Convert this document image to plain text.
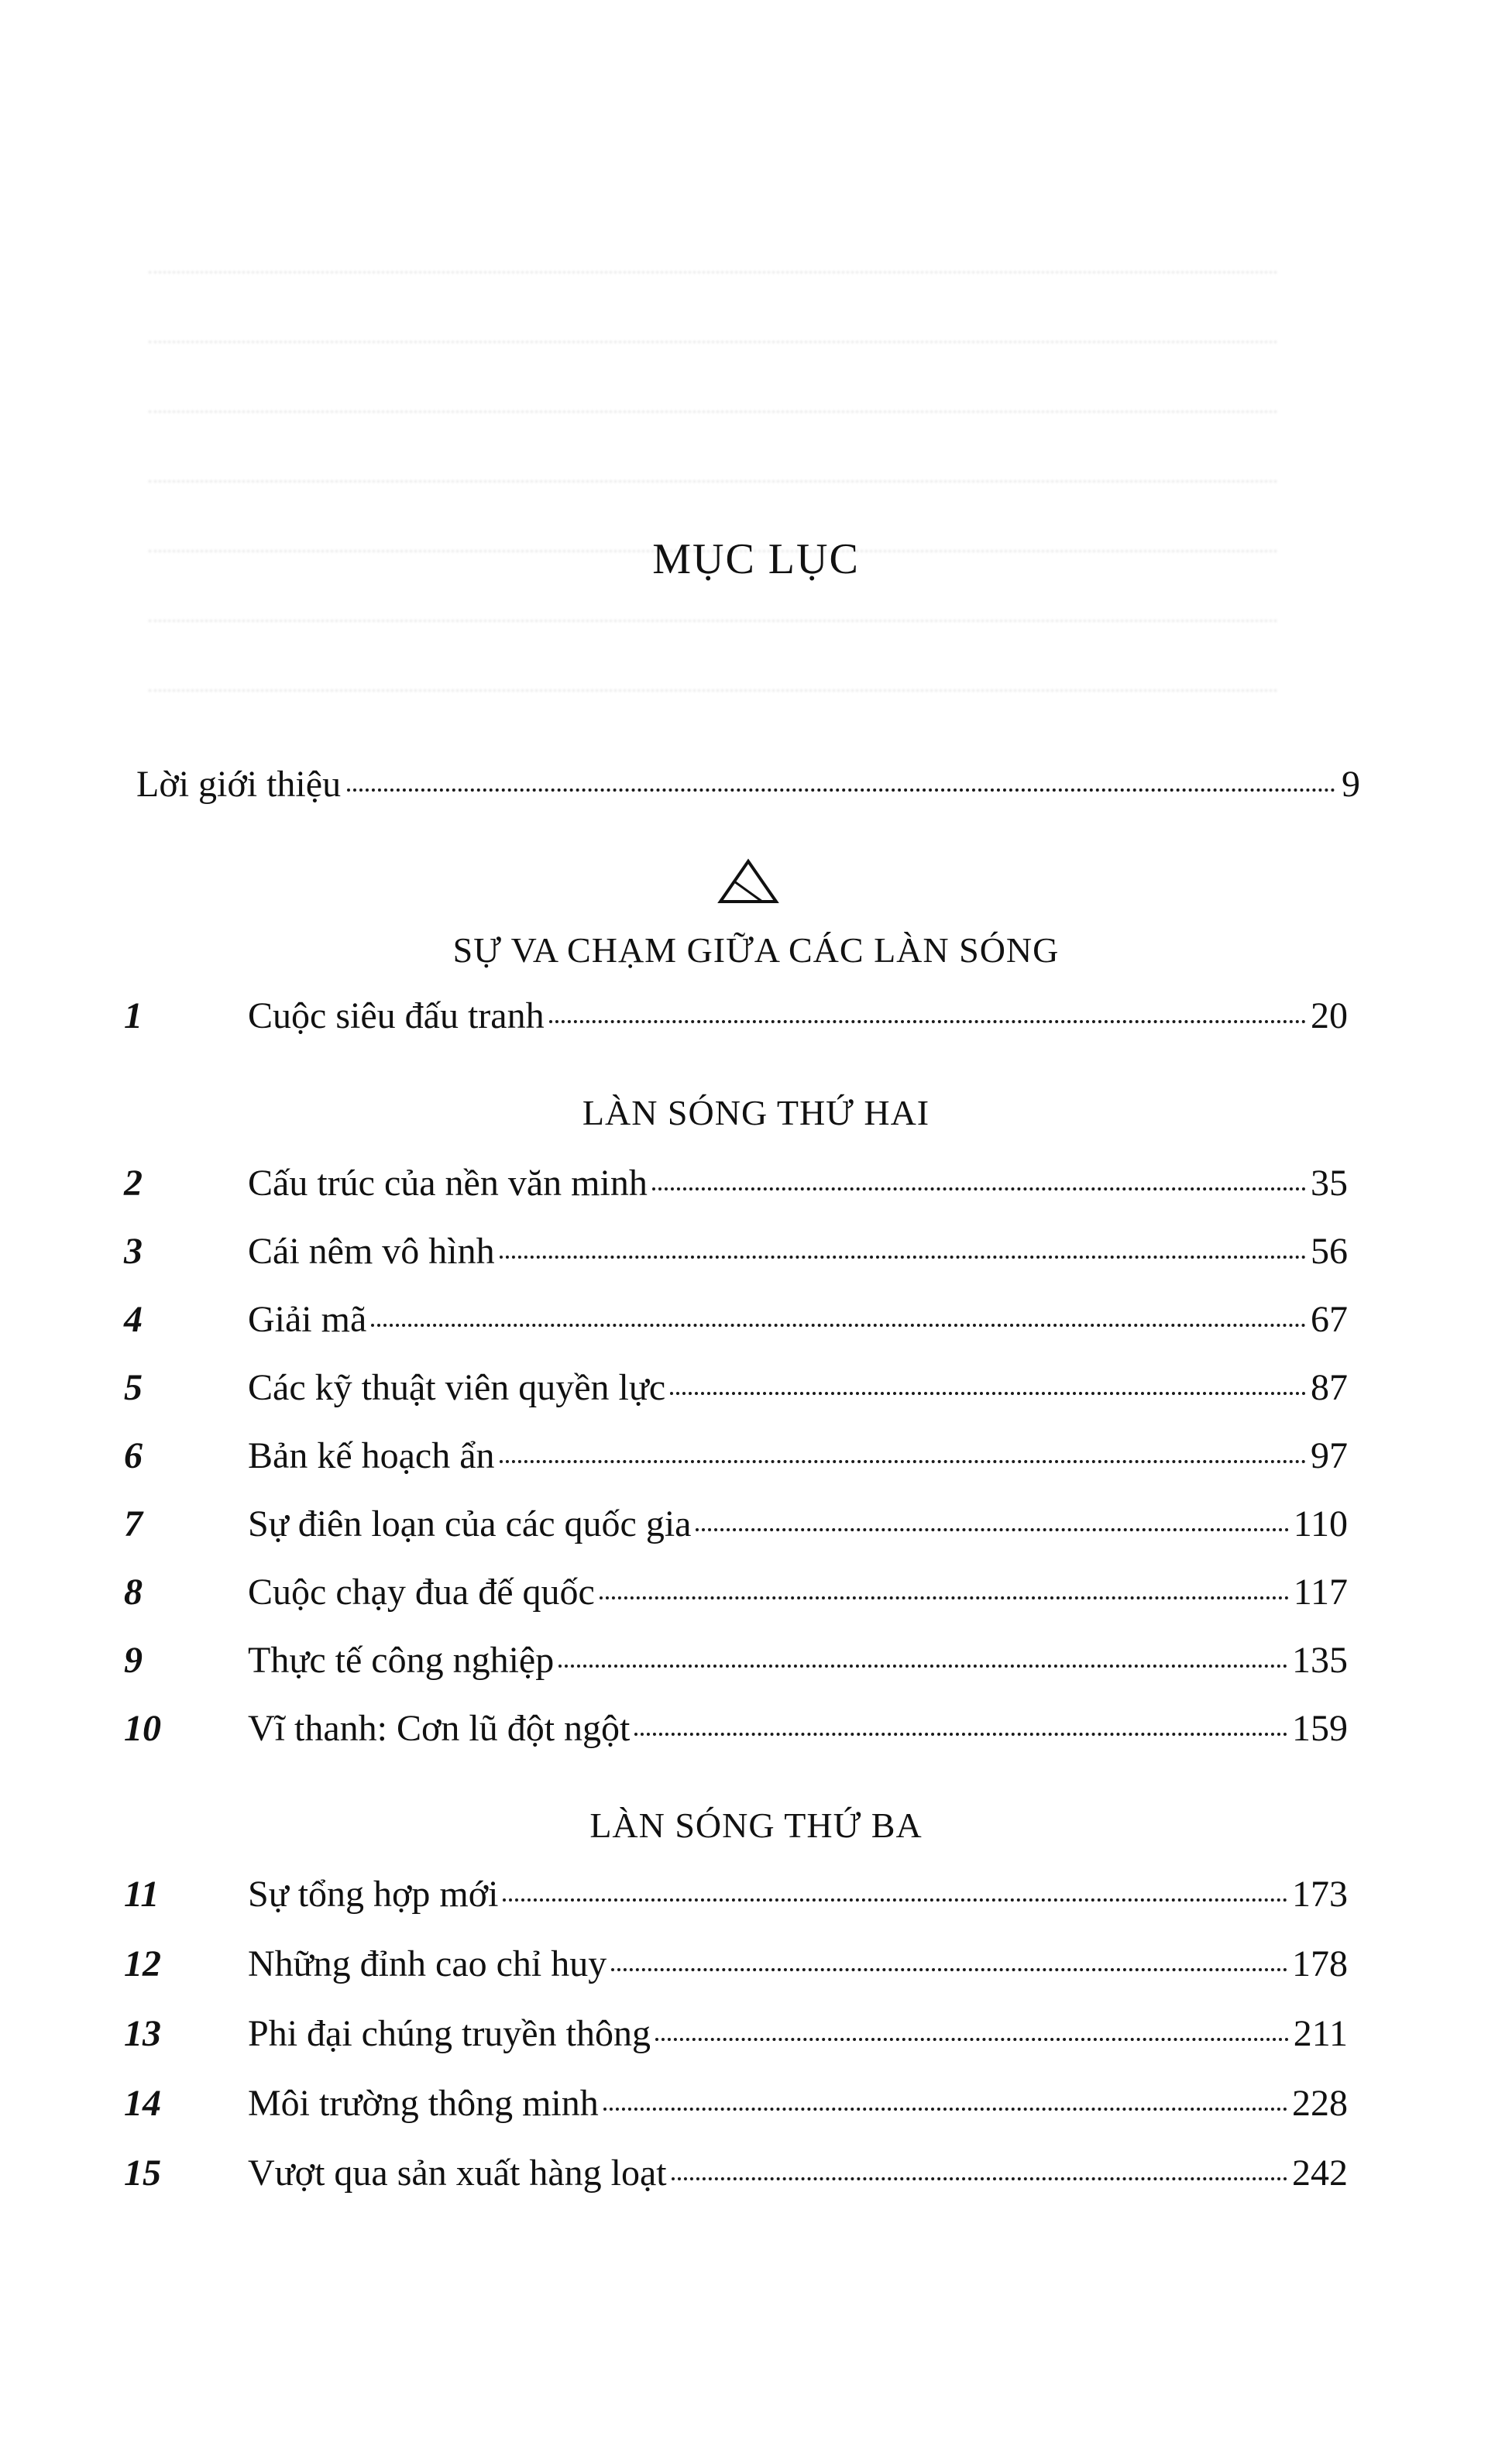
MỤC LỤC
Lời giới thiệu	9
SỰ VA CHẠM GIỮA CÁC LÀN SÓNG
1	Cuộc siêu đấu tranh	20
LÀN SÓNG THỨ HAI
2	Cấu trúc của nền văn minh	35
3	Cái nêm vô hình	56
4	Giải mã	67
5	Các kỹ thuật viên quyền lực	87
6	Bản kế hoạch ẩn	97
7	Sự điên loạn của các quốc gia	110
8	Cuộc chạy đua đế quốc	117
9	Thực tế công nghiệp	135
10	Vĩ thanh: Cơn lũ đột ngột	159
LÀN SÓNG THỨ BA
11	Sự tổng hợp mới	173
12	Những đỉnh cao chỉ huy	178
13	Phi đại chúng truyền thông	211
14	Môi trường thông minh	228
15	Vượt qua sản xuất hàng loạt	242
